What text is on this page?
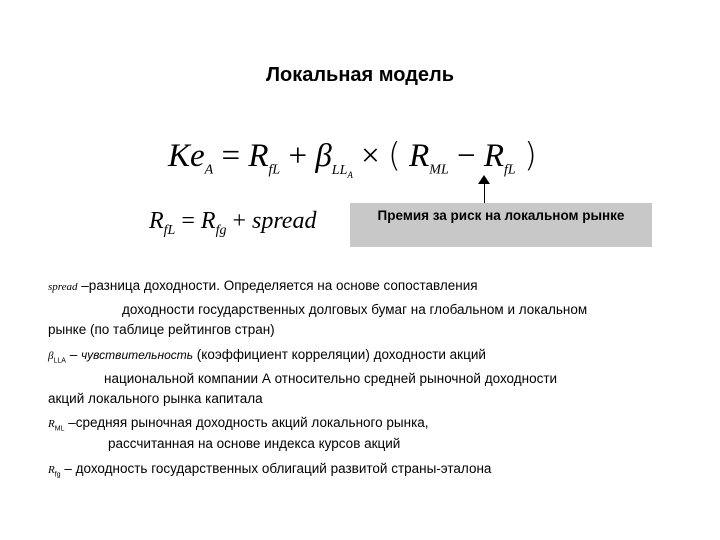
Локальная модель
$Ke_A = R_{fL} + \beta_{LL_A}$ × ( $R_{ML} - R_{fL}$ )
$R_{fL} = R_{fg}$ + spread	Премия за риск на локальном рынке
spread –разница доходности. Определяется на основе сопоставления
доходности государственных долговых бумаг на глобальном и локальном
рынке (по таблице рейтингов стран)
$\beta_{LLA}$ – чувствительность (коэффициент корреляции) доходности акций
национальной компании А относительно средней рыночной доходности
акций локального рынка капитала
$R_{ML}$ –средняя рыночная доходность акций локального рынка,
рассчитанная на основе индекса курсов акций
$R_{fg}$ – доходность государственных облигаций развитой страны-эталона
